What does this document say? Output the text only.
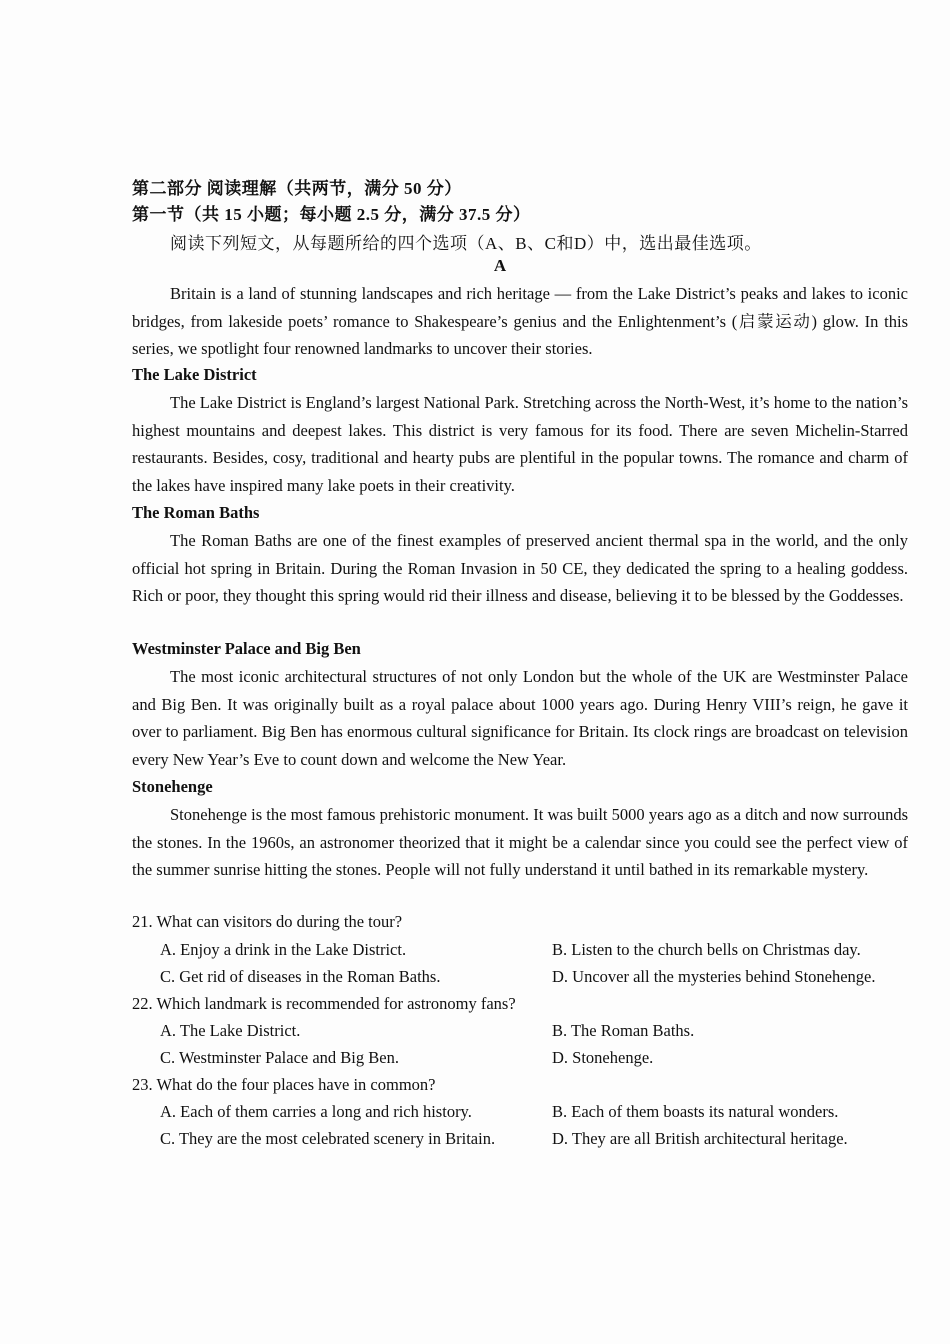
第二部分 阅读理解（共两节，满分 50 分）
第一节（共 15 小题；每小题 2.5 分，满分 37.5 分）
阅读下列短文，从每题所给的四个选项（A、B、C和D）中，选出最佳选项。
A
Britain is a land of stunning landscapes and rich heritage — from the Lake District’s peaks and lakes to iconic bridges, from lakeside poets’ romance to Shakespeare’s genius and the Enlightenment’s (启蒙运动) glow. In this series, we spotlight four renowned landmarks to uncover their stories.
The Lake District
The Lake District is England’s largest National Park. Stretching across the North-West, it’s home to the nation’s highest mountains and deepest lakes. This district is very famous for its food. There are seven Michelin-Starred restaurants. Besides, cosy, traditional and hearty pubs are plentiful in the popular towns. The romance and charm of the lakes have inspired many lake poets in their creativity.
The Roman Baths
The Roman Baths are one of the finest examples of preserved ancient thermal spa in the world, and the only official hot spring in Britain. During the Roman Invasion in 50 CE, they dedicated the spring to a healing goddess. Rich or poor, they thought this spring would rid their illness and disease, believing it to be blessed by the Goddesses.
Westminster Palace and Big Ben
The most iconic architectural structures of not only London but the whole of the UK are Westminster Palace and Big Ben. It was originally built as a royal palace about 1000 years ago. During Henry VIII’s reign, he gave it over to parliament. Big Ben has enormous cultural significance for Britain. Its clock rings are broadcast on television every New Year’s Eve to count down and welcome the New Year.
Stonehenge
Stonehenge is the most famous prehistoric monument. It was built 5000 years ago as a ditch and now surrounds the stones. In the 1960s, an astronomer theorized that it might be a calendar since you could see the perfect view of the summer sunrise hitting the stones. People will not fully understand it until bathed in its remarkable mystery.
21. What can visitors do during the tour?
A. Enjoy a drink in the Lake District.	B. Listen to the church bells on Christmas day.
C. Get rid of diseases in the Roman Baths.	D. Uncover all the mysteries behind Stonehenge.
22. Which landmark is recommended for astronomy fans?
A. The Lake District.	B. The Roman Baths.
C. Westminster Palace and Big Ben.	D. Stonehenge.
23. What do the four places have in common?
A. Each of them carries a long and rich history.	B. Each of them boasts its natural wonders.
C. They are the most celebrated scenery in Britain.	D. They are all British architectural heritage.
